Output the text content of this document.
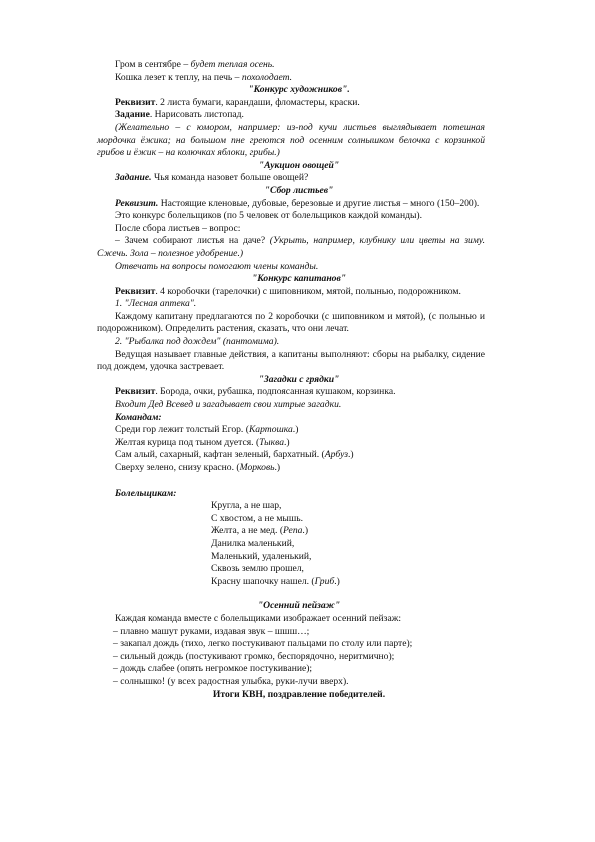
Гром в сентябре – будет теплая осень.

Кошка лезет к теплу, на печь – похолодает.

"Конкурс художников".

Реквизит. 2 листа бумаги, карандаши, фломастеры, краски.

Задание. Нарисовать листопад.

(Желательно – с юмором, например: из-под кучи листьев выглядывает потешная мордочка ёжика; на большом пне греются под осенним солнышком белочка с корзинкой грибов и ёжик – на колючках яблоки, грибы.)

"Аукцион овощей"

Задание. Чья команда назовет больше овощей?

"Сбор листьев"

Реквизит. Настоящие кленовые, дубовые, березовые и другие листья – много (150–200).

Это конкурс болельщиков (по 5 человек от болельщиков каждой команды).

После сбора листьев – вопрос:

– Зачем собирают листья на даче? (Укрыть, например, клубнику или цветы на зиму. Сжечь. Зола – полезное удобрение.)

Отвечать на вопросы помогают члены команды.

"Конкурс капитанов"

Реквизит. 4 коробочки (тарелочки) с шиповником, мятой, полынью, подорожником.

1. "Лесная аптека".

Каждому капитану предлагаются по 2 коробочки (с шиповником и мятой), (с полынью и подорожником). Определить растения, сказать, что они лечат.

2. "Рыбалка под дождем" (пантомима).

Ведущая называет главные действия, а капитаны выполняют: сборы на рыбалку, сидение под дождем, удочка застревает.

"Загадки с грядки"

Реквизит. Борода, очки, рубашка, подпоясанная кушаком, корзинка.

Входит Дед Всевед и загадывает свои хитрые загадки.

Командам:

Среди гор лежит толстый Егор. (Картошка.)

Желтая курица под тыном дуется. (Тыква.)

Сам алый, сахарный, кафтан зеленый, бархатный. (Арбуз.)

Сверху зелено, снизу красно. (Морковь.)

Болельщикам:

Кругла, а не шар,

С хвостом, а не мышь.

Желта, а не мед. (Репа.)

Данилка маленький,

Маленький, удаленький,

Сквозь землю прошел,

Красну шапочку нашел. (Гриб.)

"Осенний пейзаж"

Каждая команда вместе с болельщиками изображает осенний пейзаж:

– плавно машут руками, издавая звук – шшш…;

– закапал дождь (тихо, легко постукивают пальцами по столу или парте);

– сильный дождь (постукивают громко, беспорядочно, неритмично);

– дождь слабее (опять негромкое постукивание);

– солнышко! (у всех радостная улыбка, руки-лучи вверх).

Итоги КВН, поздравление победителей.
